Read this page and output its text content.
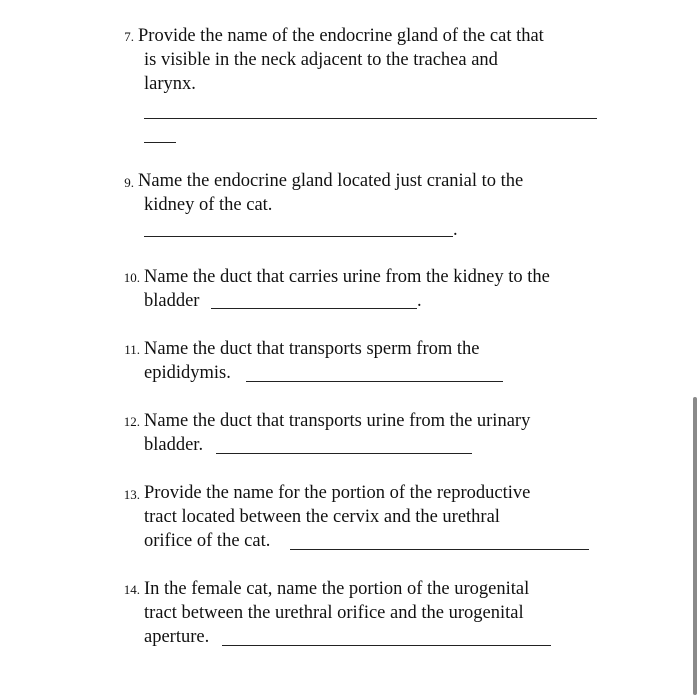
7. Provide the name of the endocrine gland of the cat that
is visible in the neck adjacent to the trachea and
larynx.
9. Name the endocrine gland located just cranial to the
kidney of the cat.
.
10. Name the duct that carries urine from the kidney to the
bladder	.
11. Name the duct that transports sperm from the
epididymis.
12. Name the duct that transports urine from the urinary
bladder.
13. Provide the name for the portion of the reproductive
tract located between the cervix and the urethral
orifice of the cat.
14. In the female cat, name the portion of the urogenital
tract between the urethral orifice and the urogenital
aperture.
